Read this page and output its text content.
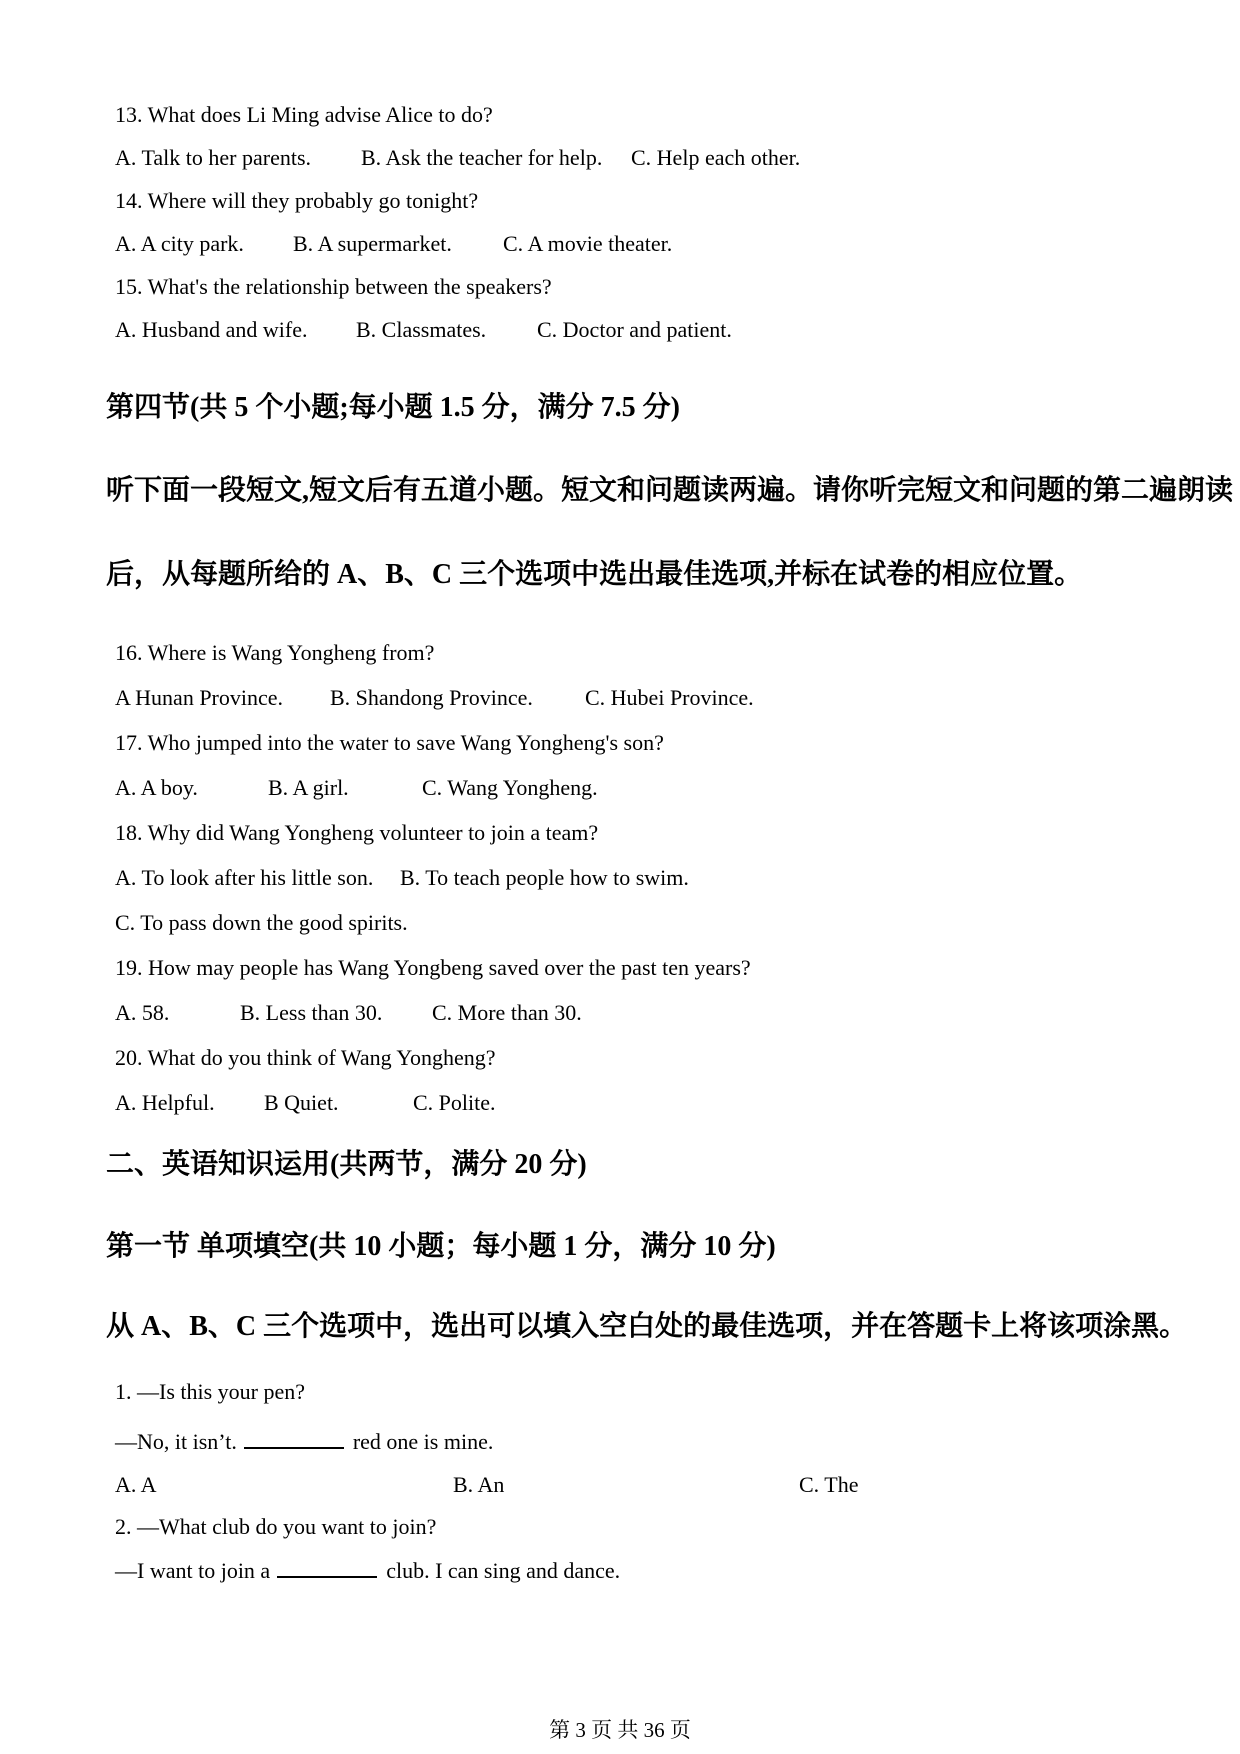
13. What does Li Ming advise Alice to do?
A. Talk to her parents. B. Ask the teacher for help. C. Help each other.
14. Where will they probably go tonight?
A. A city park. B. A supermarket. C. A movie theater.
15. What's the relationship between the speakers?
A. Husband and wife. B. Classmates. C. Doctor and patient.
第四节(共 5 个小题;每小题 1.5 分，满分 7.5 分)
听下面一段短文,短文后有五道小题。短文和问题读两遍。请你听完短文和问题的第二遍朗读
后，从每题所给的 A、B、C 三个选项中选出最佳选项,并标在试卷的相应位置。
16. Where is Wang Yongheng from?
A Hunan Province. B. Shandong Province. C. Hubei Province.
17. Who jumped into the water to save Wang Yongheng's son?
A. A boy.	B. A girl.	C. Wang Yongheng.
18. Why did Wang Yongheng volunteer to join a team?
A. To look after his little son. B. To teach people how to swim.
C. To pass down the good spirits.
19. How may people has Wang Yongbeng saved over the past ten years?
A. 58.	B. Less than 30. C. More than 30.
20. What do you think of Wang Yongheng?
A. Helpful. B Quiet.	C. Polite.
二、英语知识运用(共两节，满分 20 分)
第一节 单项填空(共 10 小题；每小题 1 分，满分 10 分)
从 A、B、C 三个选项中，选出可以填入空白处的最佳选项，并在答题卡上将该项涂黑。
1. —Is this your pen?
—No, it isn’t.	red one is mine.
A. A	B. An	C. The
2. —What club do you want to join?
—I want to join a	club. I can sing and dance.
第 3 页 共 36 页
